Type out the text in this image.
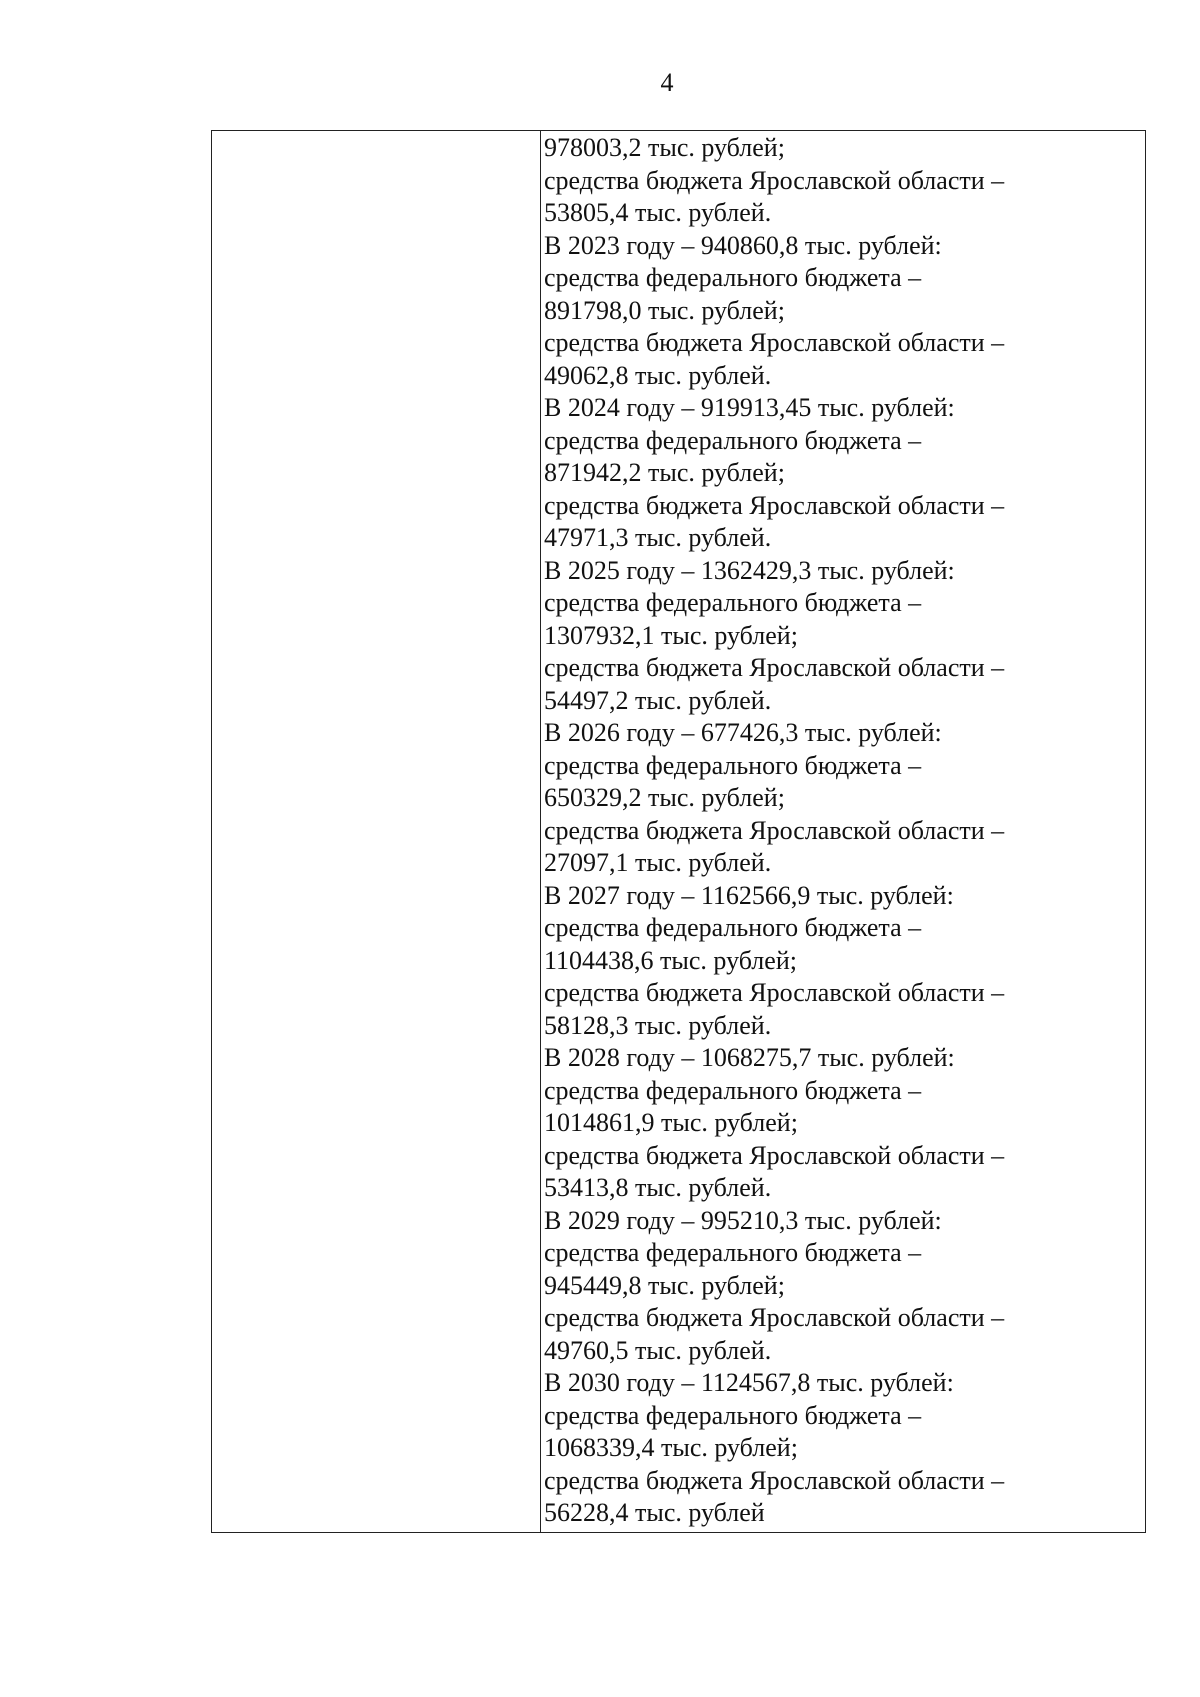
4
978003,2 тыс. рублей;
средства бюджета Ярославской области –
53805,4 тыс. рублей.
В 2023 году – 940860,8 тыс. рублей:
средства федерального бюджета –
891798,0 тыс. рублей;
средства бюджета Ярославской области –
49062,8 тыс. рублей.
В 2024 году – 919913,45 тыс. рублей:
средства федерального бюджета –
871942,2 тыс. рублей;
средства бюджета Ярославской области –
47971,3 тыс. рублей.
В 2025 году – 1362429,3 тыс. рублей:
средства федерального бюджета –
1307932,1 тыс. рублей;
средства бюджета Ярославской области –
54497,2 тыс. рублей.
В 2026 году – 677426,3 тыс. рублей:
средства федерального бюджета –
650329,2 тыс. рублей;
средства бюджета Ярославской области –
27097,1 тыс. рублей.
В 2027 году – 1162566,9 тыс. рублей:
средства федерального бюджета –
1104438,6 тыс. рублей;
средства бюджета Ярославской области –
58128,3 тыс. рублей.
В 2028 году – 1068275,7 тыс. рублей:
средства федерального бюджета –
1014861,9 тыс. рублей;
средства бюджета Ярославской области –
53413,8 тыс. рублей.
В 2029 году – 995210,3 тыс. рублей:
средства федерального бюджета –
945449,8 тыс. рублей;
средства бюджета Ярославской области –
49760,5 тыс. рублей.
В 2030 году – 1124567,8 тыс. рублей:
средства федерального бюджета –
1068339,4 тыс. рублей;
средства бюджета Ярославской области –
56228,4 тыс. рублей
